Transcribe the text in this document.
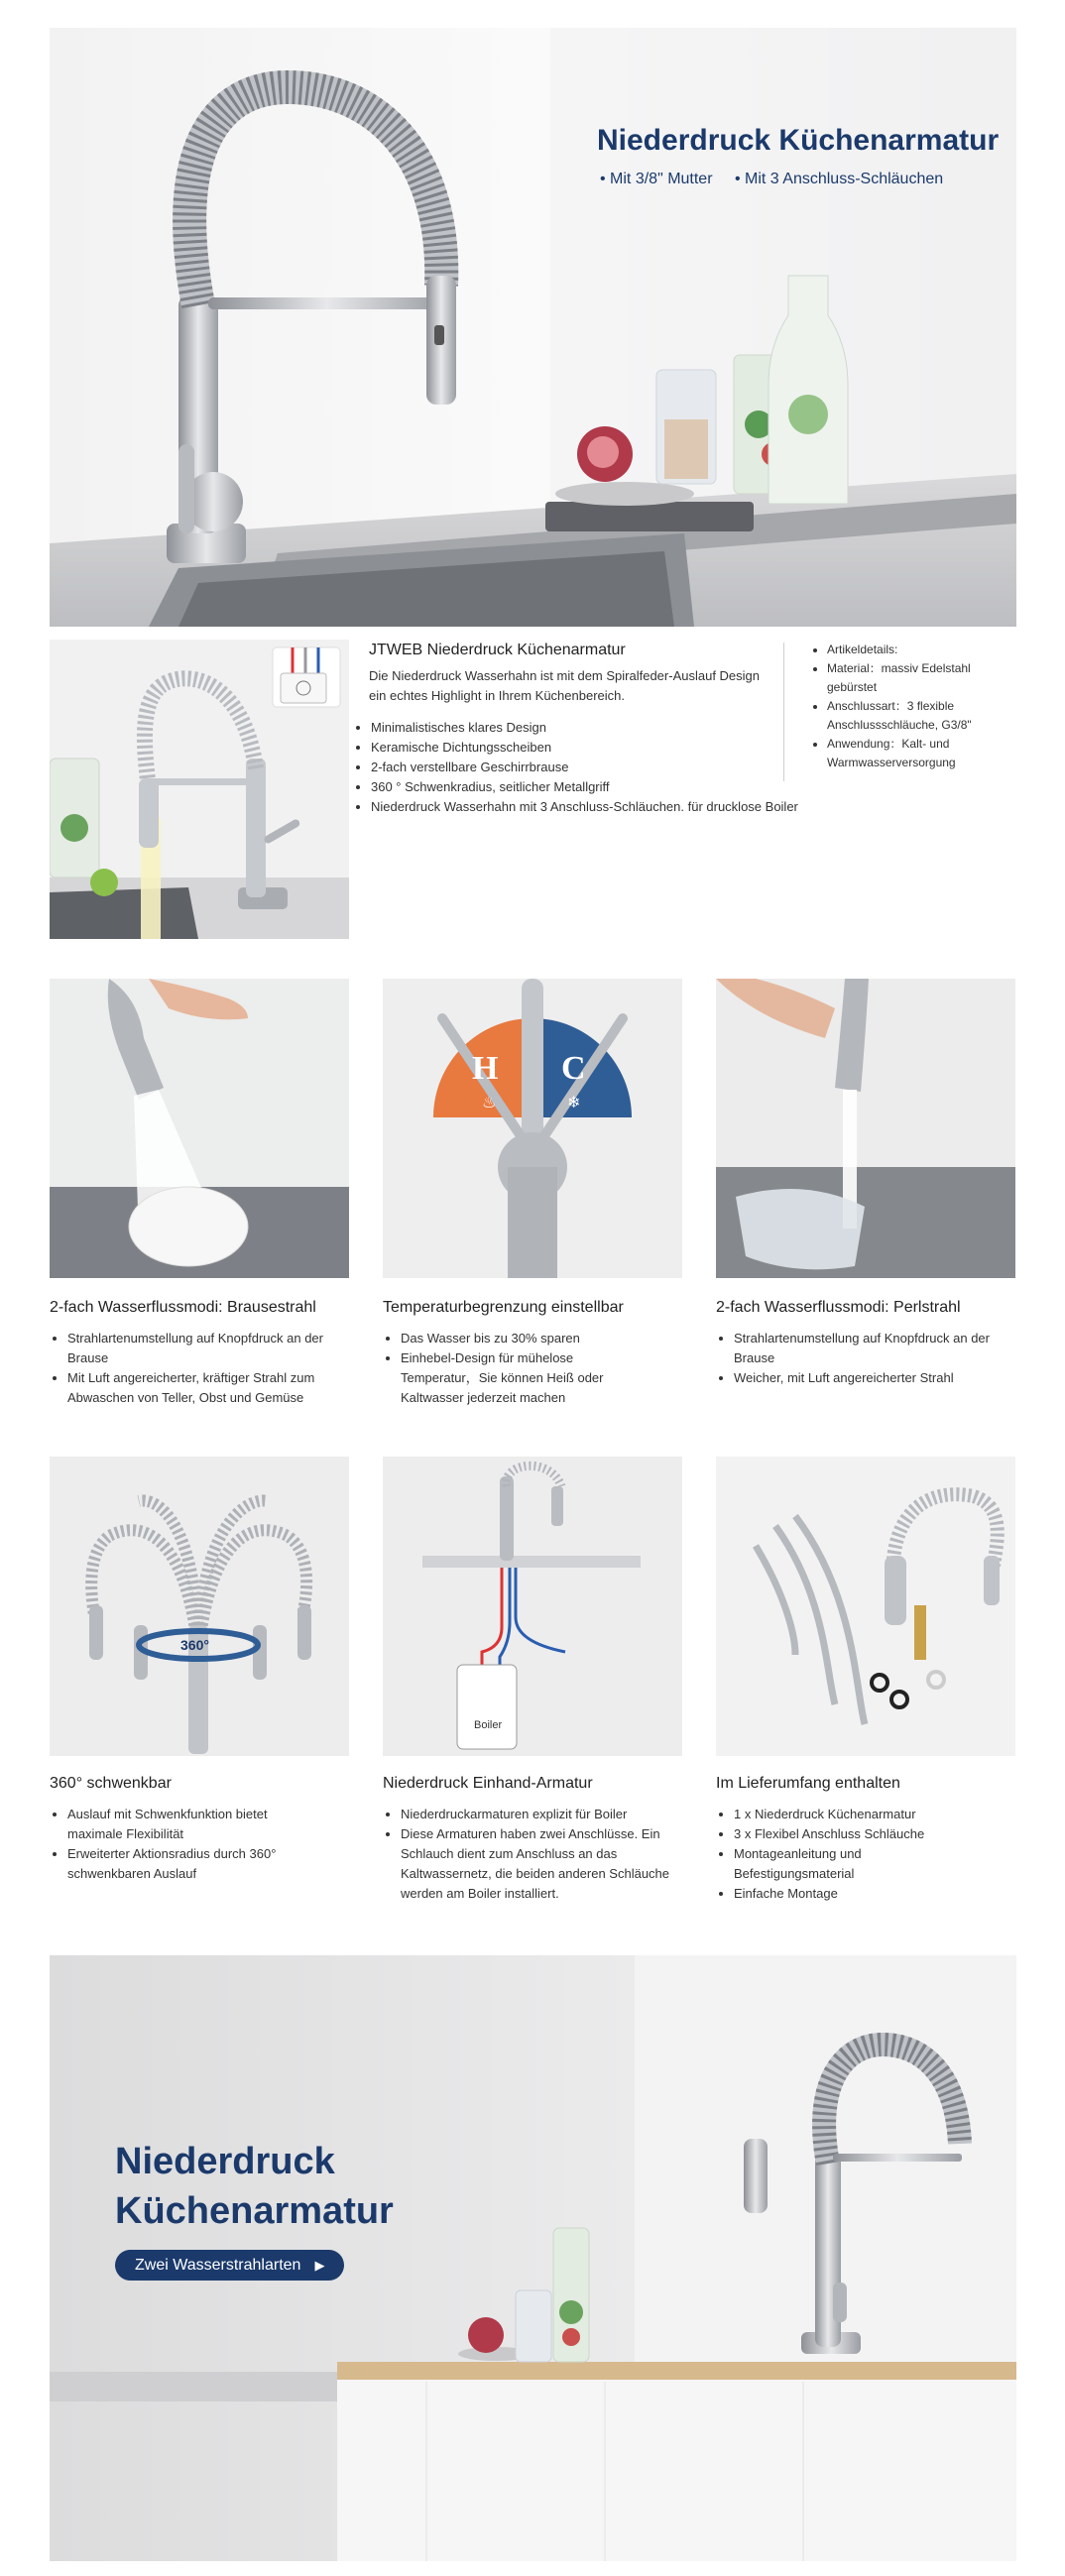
Niederdruck Küchenarmatur
• Mit 3/8" Mutter • Mit 3 Anschluss-Schläuchen
JTWEB Niederdruck Küchenarmatur
Die Niederdruck Wasserhahn ist mit dem Spiralfeder-Auslauf Design ein echtes Highlight in Ihrem Küchenbereich.
• Minimalistisches klares Design
• Keramische Dichtungsscheiben
• 2-fach verstellbare Geschirrbrause
• 360 ° Schwenkradius, seitlicher Metallgriff
• Niederdruck Wasserhahn mit 3 Anschluss-Schläuchen. für drucklose Boiler
• Artikeldetails:
• Material：massiv Edelstahl gebürstet
• Anschlussart：3 flexible Anschlussschläuche, G3/8"
• Anwendung：Kalt- und Warmwasserversorgung
H C
♨	❄
2-fach Wasserflussmodi: Brausestrahl
• Strahlartenumstellung auf Knopfdruck an der Brause
• Mit Luft angereicherter, kräftiger Strahl zum Abwaschen von Teller, Obst und Gemüse
Temperaturbegrenzung einstellbar
• Das Wasser bis zu 30% sparen
• Einhebel-Design für mühelose Temperatur，Sie können Heiß oder Kaltwasser jederzeit machen
2-fach Wasserflussmodi: Perlstrahl
• Strahlartenumstellung auf Knopfdruck an der Brause
• Weicher, mit Luft angereicherter Strahl
360°
Boiler
360° schwenkbar
• Auslauf mit Schwenkfunktion bietet maximale Flexibilität
• Erweiterter Aktionsradius durch 360° schwenkbaren Auslauf
Niederdruck Einhand-Armatur
• Niederdruckarmaturen explizit für Boiler
• Diese Armaturen haben zwei Anschlüsse. Ein Schlauch dient zum Anschluss an das Kaltwassernetz, die beiden anderen Schläuche werden am Boiler installiert.
Im Lieferumfang enthalten
• 1 x Niederdruck Küchenarmatur
• 3 x Flexibel Anschluss Schläuche
• Montageanleitung und Befestigungsmaterial
• Einfache Montage
Niederdruck
Küchenarmatur
Zwei Wasserstrahlarten ▶
